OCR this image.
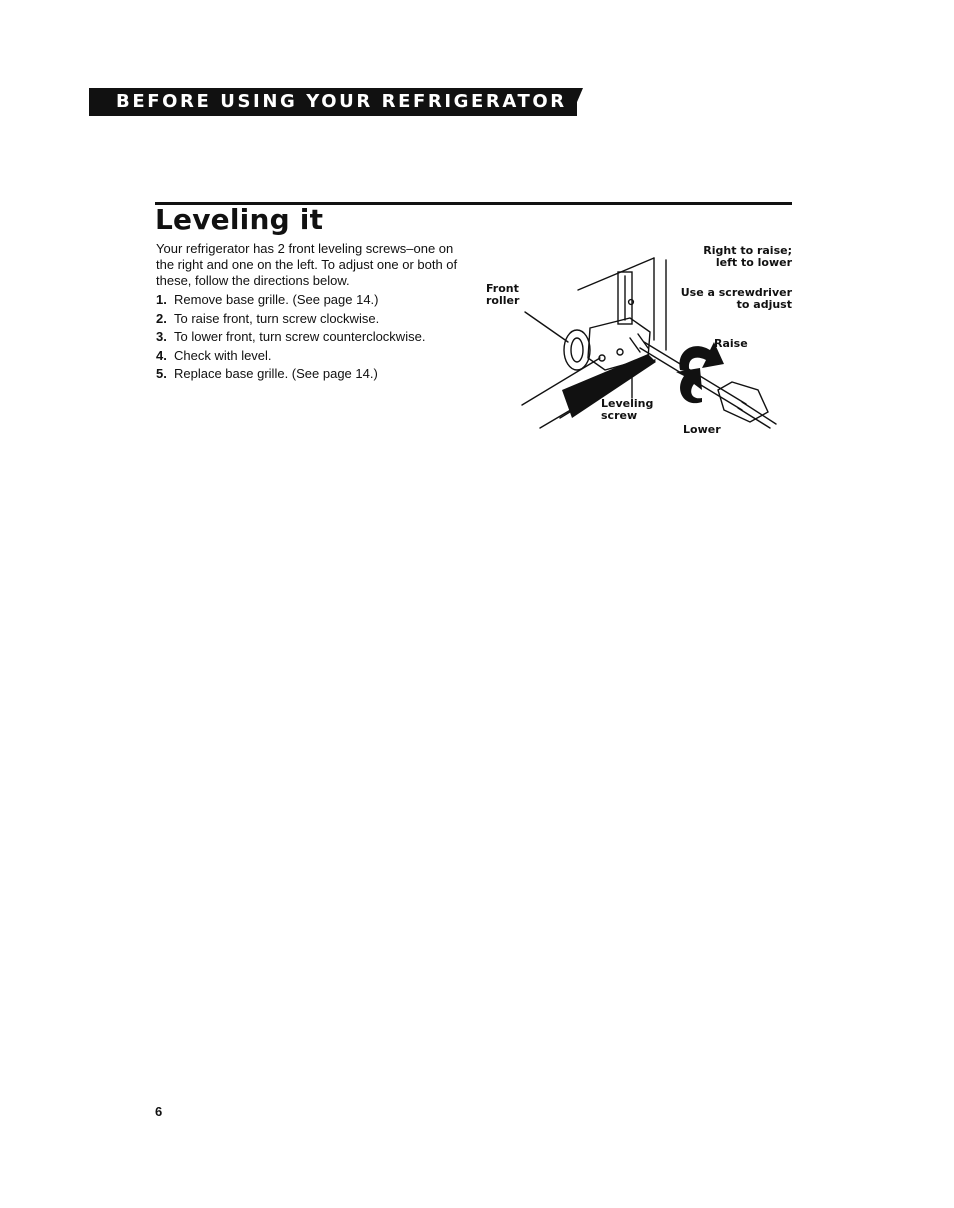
BEFORE USING YOUR REFRIGERATOR
Leveling it

Your refrigerator has 2 front leveling screws–one on the right and one on the left. To adjust one or both of these, follow the directions below.

1. Remove base grille. (See page 14.)
2. To raise front, turn screw clockwise.
3. To lower front, turn screw counterclockwise.
4. Check with level.
5. Replace base grille. (See page 14.)
Front
roller
Right to raise;
left to lower
Use a screwdriver
to adjust
Raise
Leveling
screw
Lower
6
